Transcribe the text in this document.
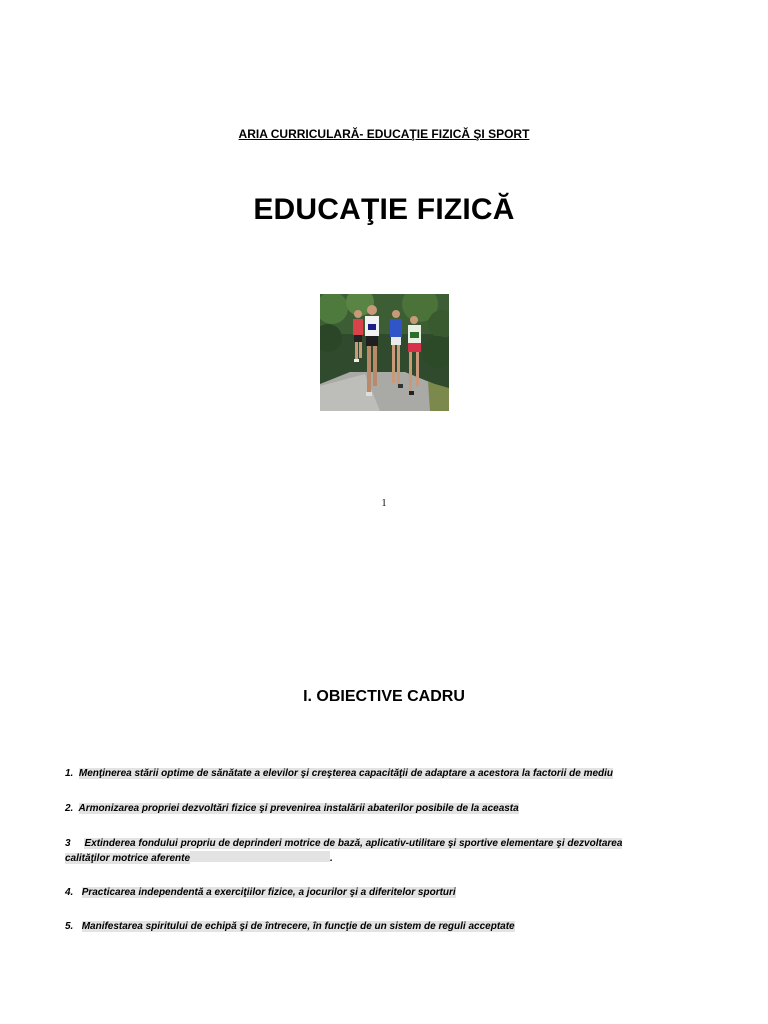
ARIA CURRICULARĂ- EDUCAŢIE FIZICĂ ŞI SPORT
EDUCAŢIE FIZICĂ
1
I. OBIECTIVE CADRU
1. Menţinerea stării optime de sănătate a elevilor şi creşterea capacităţii de adaptare a acestora la factorii de mediu
2. Armonizarea propriei dezvoltări fizice şi prevenirea instalării abaterilor posibile de la aceasta
3 Extinderea fondului propriu de deprinderi motrice de bază, aplicativ-utilitare şi sportive elementare şi dezvoltarea
calităţilor motrice aferente	.
4. Practicarea independentă a exerciţiilor fizice, a jocurilor şi a diferitelor sporturi
5. Manifestarea spiritului de echipă şi de întrecere, în funcţie de un sistem de reguli acceptate
